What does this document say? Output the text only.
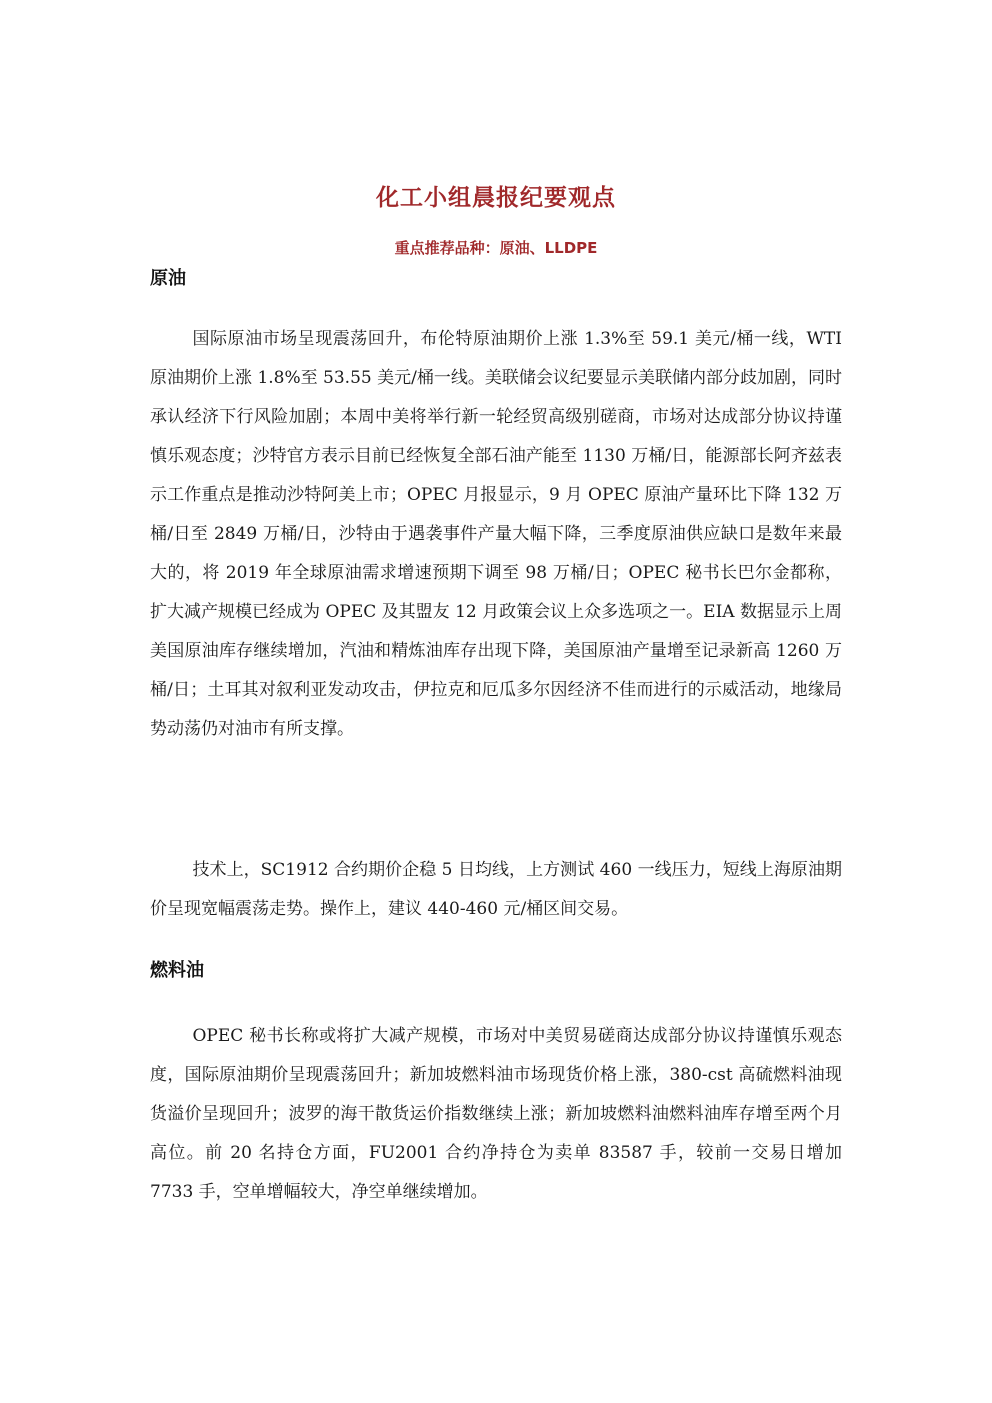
化工小组晨报纪要观点
重点推荐品种：原油、LLDPE
原油

国际原油市场呈现震荡回升，布伦特原油期价上涨 1.3%至 59.1 美元/桶一线，WTI 原油期价上涨 1.8%至 53.55 美元/桶一线。美联储会议纪要显示美联储内部分歧加剧，同时承认经济下行风险加剧；本周中美将举行新一轮经贸高级别磋商，市场对达成部分协议持谨慎乐观态度；沙特官方表示目前已经恢复全部石油产能至 1130 万桶/日，能源部长阿齐兹表示工作重点是推动沙特阿美上市；OPEC 月报显示，9 月 OPEC 原油产量环比下降 132 万桶/日至 2849 万桶/日，沙特由于遇袭事件产量大幅下降，三季度原油供应缺口是数年来最大的，将 2019 年全球原油需求增速预期下调至 98 万桶/日；OPEC 秘书长巴尔金都称，扩大减产规模已经成为 OPEC 及其盟友 12 月政策会议上众多选项之一。EIA 数据显示上周美国原油库存继续增加，汽油和精炼油库存出现下降，美国原油产量增至记录新高 1260 万桶/日；土耳其对叙利亚发动攻击，伊拉克和厄瓜多尔因经济不佳而进行的示威活动，地缘局势动荡仍对油市有所支撑。

技术上，SC1912 合约期价企稳 5 日均线，上方测试 460 一线压力，短线上海原油期价呈现宽幅震荡走势。操作上，建议 440-460 元/桶区间交易。

燃料油

OPEC 秘书长称或将扩大减产规模，市场对中美贸易磋商达成部分协议持谨慎乐观态度，国际原油期价呈现震荡回升；新加坡燃料油市场现货价格上涨，380-cst 高硫燃料油现货溢价呈现回升；波罗的海干散货运价指数继续上涨；新加坡燃料油燃料油库存增至两个月高位。前 20 名持仓方面，FU2001 合约净持仓为卖单 83587 手，较前一交易日增加 7733 手，空单增幅较大，净空单继续增加。
